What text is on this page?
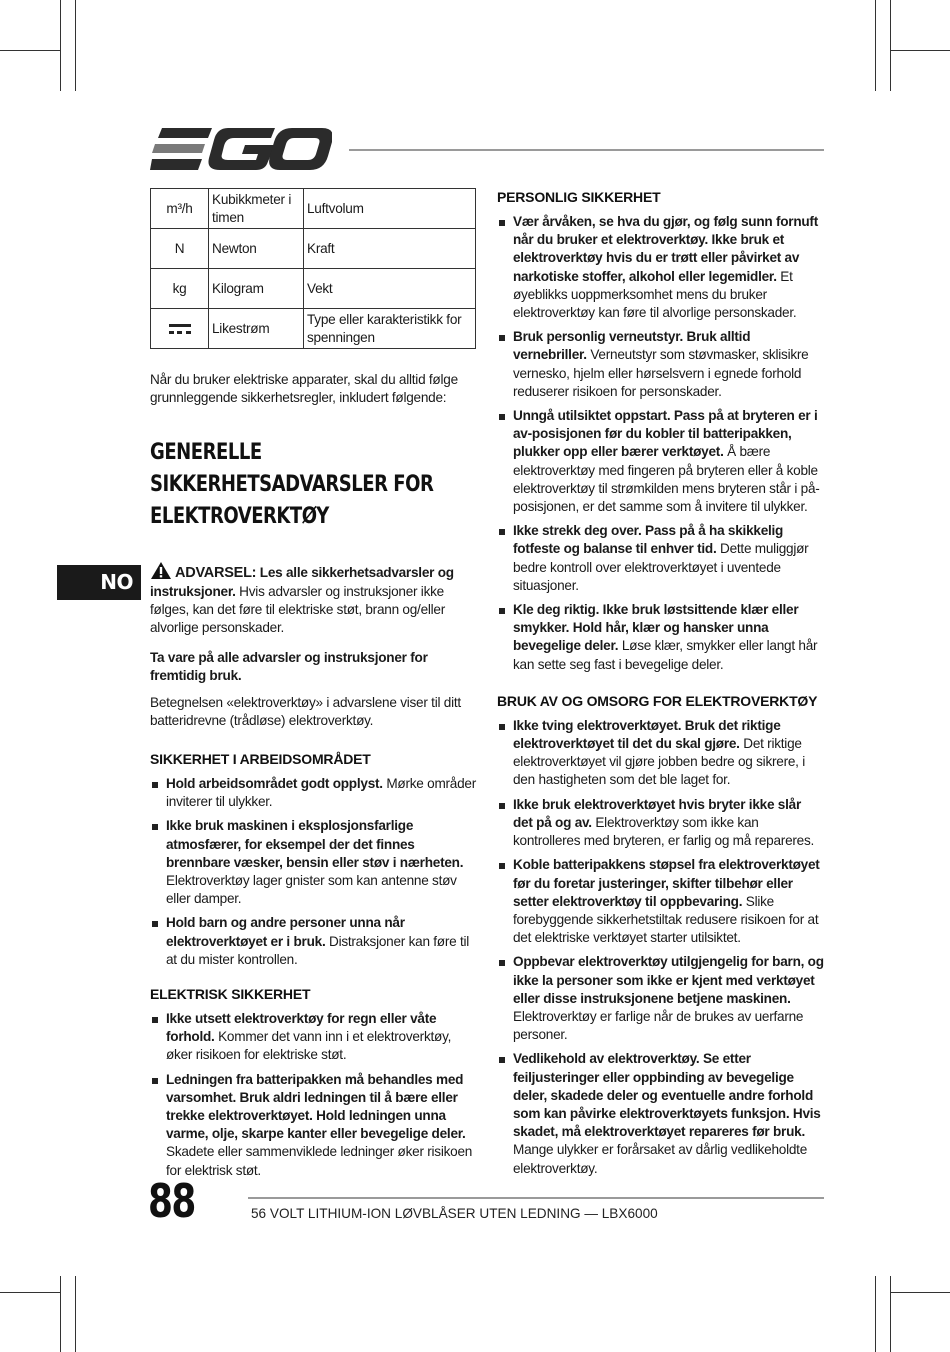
NO
m³/h	Kubikkmeter i timen	Luftvolum
N	Newton	Kraft
kg	Kilogram	Vekt

	Likestrøm	Type eller karakteristikk for spenningen

Når du bruker elektriske apparater, skal du alltid følge grunnleggende sikkerhetsregler, inkludert følgende:

GENERELLE SIKKERHETSADVARSLER FOR ELEKTROVERKTØY

ADVARSEL: Les alle sikkerhetsadvarsler og instruksjoner. Hvis advarsler og instruksjoner ikke følges, kan det føre til elektriske støt, brann og/eller alvorlige personskader.

Ta vare på alle advarsler og instruksjoner for fremtidig bruk.

Betegnelsen «elektroverktøy» i advarslene viser til ditt batteridrevne (trådløse) elektroverktøy.

SIKKERHET I ARBEIDSOMRÅDET
Hold arbeidsområdet godt opplyst. Mørke områder inviterer til ulykker.
Ikke bruk maskinen i eksplosjonsfarlige atmosfærer, for eksempel der det finnes brennbare væsker, bensin eller støv i nærheten. Elektroverktøy lager gnister som kan antenne støv eller damper.
Hold barn og andre personer unna når elektroverktøyet er i bruk. Distraksjoner kan føre til at du mister kontrollen.
ELEKTRISK SIKKERHET
Ikke utsett elektroverktøy for regn eller våte forhold. Kommer det vann inn i et elektroverktøy, øker risikoen for elektriske støt.
Ledningen fra batteripakken må behandles med varsomhet. Bruk aldri ledningen til å bære eller trekke elektroverktøyet. Hold ledningen unna varme, olje, skarpe kanter eller bevegelige deler. Skadete eller sammenviklede ledninger øker risikoen for elektrisk støt.
PERSONLIG SIKKERHET
Vær årvåken, se hva du gjør, og følg sunn fornuft når du bruker et elektroverktøy. Ikke bruk et elektroverktøy hvis du er trøtt eller påvirket av narkotiske stoffer, alkohol eller legemidler. Et øyeblikks uoppmerksomhet mens du bruker elektroverktøy kan føre til alvorlige personskader.
Bruk personlig verneutstyr. Bruk alltid vernebriller. Verneutstyr som støvmasker, sklisikre vernesko, hjelm eller hørselsvern i egnede forhold reduserer risikoen for personskader.
Unngå utilsiktet oppstart. Pass på at bryteren er i av-posisjonen før du kobler til batteripakken, plukker opp eller bærer verktøyet. Å bære elektroverktøy med fingeren på bryteren eller å koble elektroverktøy til strømkilden mens bryteren står i på-posisjonen, er det samme som å invitere til ulykker.
Ikke strekk deg over. Pass på å ha skikkelig fotfeste og balanse til enhver tid. Dette muliggjør bedre kontroll over elektroverktøyet i uventede situasjoner.
Kle deg riktig. Ikke bruk løstsittende klær eller smykker. Hold hår, klær og hansker unna bevegelige deler. Løse klær, smykker eller langt hår kan sette seg fast i bevegelige deler.
BRUK AV OG OMSORG FOR ELEKTROVERKTØY
Ikke tving elektroverktøyet. Bruk det riktige elektroverktøyet til det du skal gjøre. Det riktige elektroverktøyet vil gjøre jobben bedre og sikrere, i den hastigheten som det ble laget for.
Ikke bruk elektroverktøyet hvis bryter ikke slår det på og av. Elektroverktøy som ikke kan kontrolleres med bryteren, er farlig og må repareres.
Koble batteripakkens støpsel fra elektroverktøyet før du foretar justeringer, skifter tilbehør eller setter elektroverktøy til oppbevaring. Slike forebyggende sikkerhetstiltak redusere risikoen for at det elektriske verktøyet starter utilsiktet.
Oppbevar elektroverktøy utilgjengelig for barn, og ikke la personer som ikke er kjent med verktøyet eller disse instruksjonene betjene maskinen. Elektroverktøy er farlige når de brukes av uerfarne personer.
Vedlikehold av elektroverktøy. Se etter feiljusteringer eller oppbinding av bevegelige deler, skadede deler og eventuelle andre forhold som kan påvirke elektroverktøyets funksjon. Hvis skadet, må elektroverktøyet repareres før bruk. Mange ulykker er forårsaket av dårlig vedlikeholdte elektroverktøy.
88	56 VOLT LITHIUM-ION LØVBLÅSER UTEN LEDNING — LBX6000
